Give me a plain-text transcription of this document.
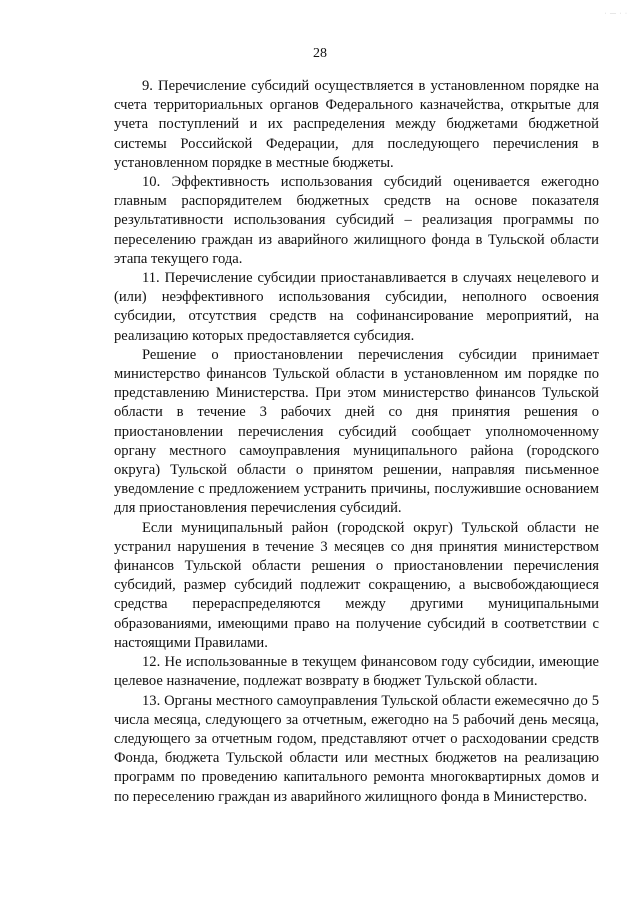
· — · ·
28

9. Перечисление субсидий осуществляется в установленном порядке на счета территориальных органов Федерального казначейства, открытые для учета поступлений и их распределения между бюджетами бюджетной системы Российской Федерации, для последующего перечисления в установленном порядке в местные бюджеты.

10. Эффективность использования субсидий оценивается ежегодно главным распорядителем бюджетных средств на основе показателя результативности использования субсидий – реализация программы по переселению граждан из аварийного жилищного фонда в Тульской области этапа текущего года.

11. Перечисление субсидии приостанавливается в случаях нецелевого и (или) неэффективного использования субсидии, неполного освоения субсидии, отсутствия средств на софинансирование мероприятий, на реализацию которых предоставляется субсидия.

Решение о приостановлении перечисления субсидии принимает министерство финансов Тульской области в установленном им порядке по представлению Министерства. При этом министерство финансов Тульской области в течение 3 рабочих дней со дня принятия решения о приостановлении перечисления субсидий сообщает уполномоченному органу местного самоуправления муниципального района (городского округа) Тульской области о принятом решении, направляя письменное уведомление с предложением устранить причины, послужившие основанием для приостановления перечисления субсидий.

Если муниципальный район (городской округ) Тульской области не устранил нарушения в течение 3 месяцев со дня принятия министерством финансов Тульской области решения о приостановлении перечисления субсидий, размер субсидий подлежит сокращению, а высвобождающиеся средства перераспределяются между другими муниципальными образованиями, имеющими право на получение субсидий в соответствии с настоящими Правилами.

12. Не использованные в текущем финансовом году субсидии, имеющие целевое назначение, подлежат возврату в бюджет Тульской области.

13. Органы местного самоуправления Тульской области ежемесячно до 5 числа месяца, следующего за отчетным, ежегодно на 5 рабочий день месяца, следующего за отчетным годом, представляют отчет о расходовании средств Фонда, бюджета Тульской области или местных бюджетов на реализацию программ по проведению капитального ремонта многоквартирных домов и по переселению граждан из аварийного жилищного фонда в Министерство.
